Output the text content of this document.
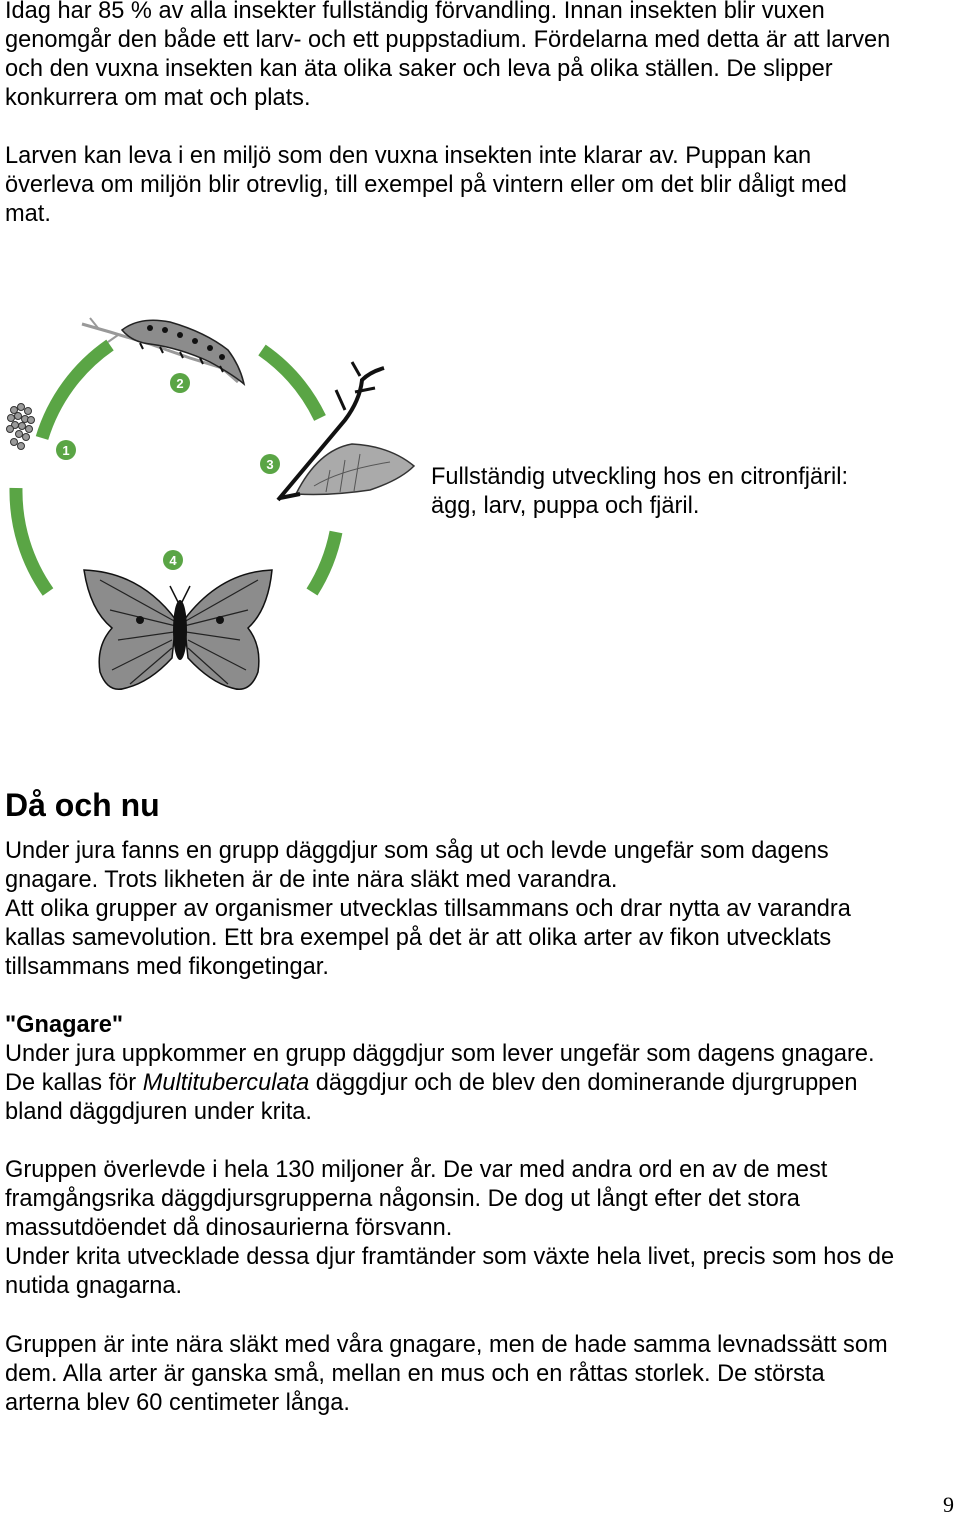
Idag har 85 % av alla insekter fullständig förvandling. Innan insekten blir vuxen
genomgår den både ett larv- och ett puppstadium. Fördelarna med detta är att larven
och den vuxna insekten kan äta olika saker och leva på olika ställen. De slipper
konkurrera om mat och plats.
Larven kan leva i en miljö som den vuxna insekten inte klarar av. Puppan kan
överleva om miljön blir otrevlig, till exempel på vintern eller om det blir dåligt med
mat.
1
2
3
4
Fullständig utveckling hos en citronfjäril:
ägg, larv, puppa och fjäril.
Då och nu
Under jura fanns en grupp däggdjur som såg ut och levde ungefär som dagens
gnagare. Trots likheten är de inte nära släkt med varandra.
Att olika grupper av organismer utvecklas tillsammans och drar nytta av varandra
kallas samevolution. Ett bra exempel på det är att olika arter av fikon utvecklats
tillsammans med fikongetingar.
"Gnagare"
Under jura uppkommer en grupp däggdjur som lever ungefär som dagens gnagare.
De kallas för Multituberculata däggdjur och de blev den dominerande djurgruppen
bland däggdjuren under krita.
Gruppen överlevde i hela 130 miljoner år. De var med andra ord en av de mest
framgångsrika däggdjursgrupperna någonsin. De dog ut långt efter det stora
massutdöendet då dinosaurierna försvann.
Under krita utvecklade dessa djur framtänder som växte hela livet, precis som hos de
nutida gnagarna.
Gruppen är inte nära släkt med våra gnagare, men de hade samma levnadssätt som
dem. Alla arter är ganska små, mellan en mus och en råttas storlek. De största
arterna blev 60 centimeter långa.
9
